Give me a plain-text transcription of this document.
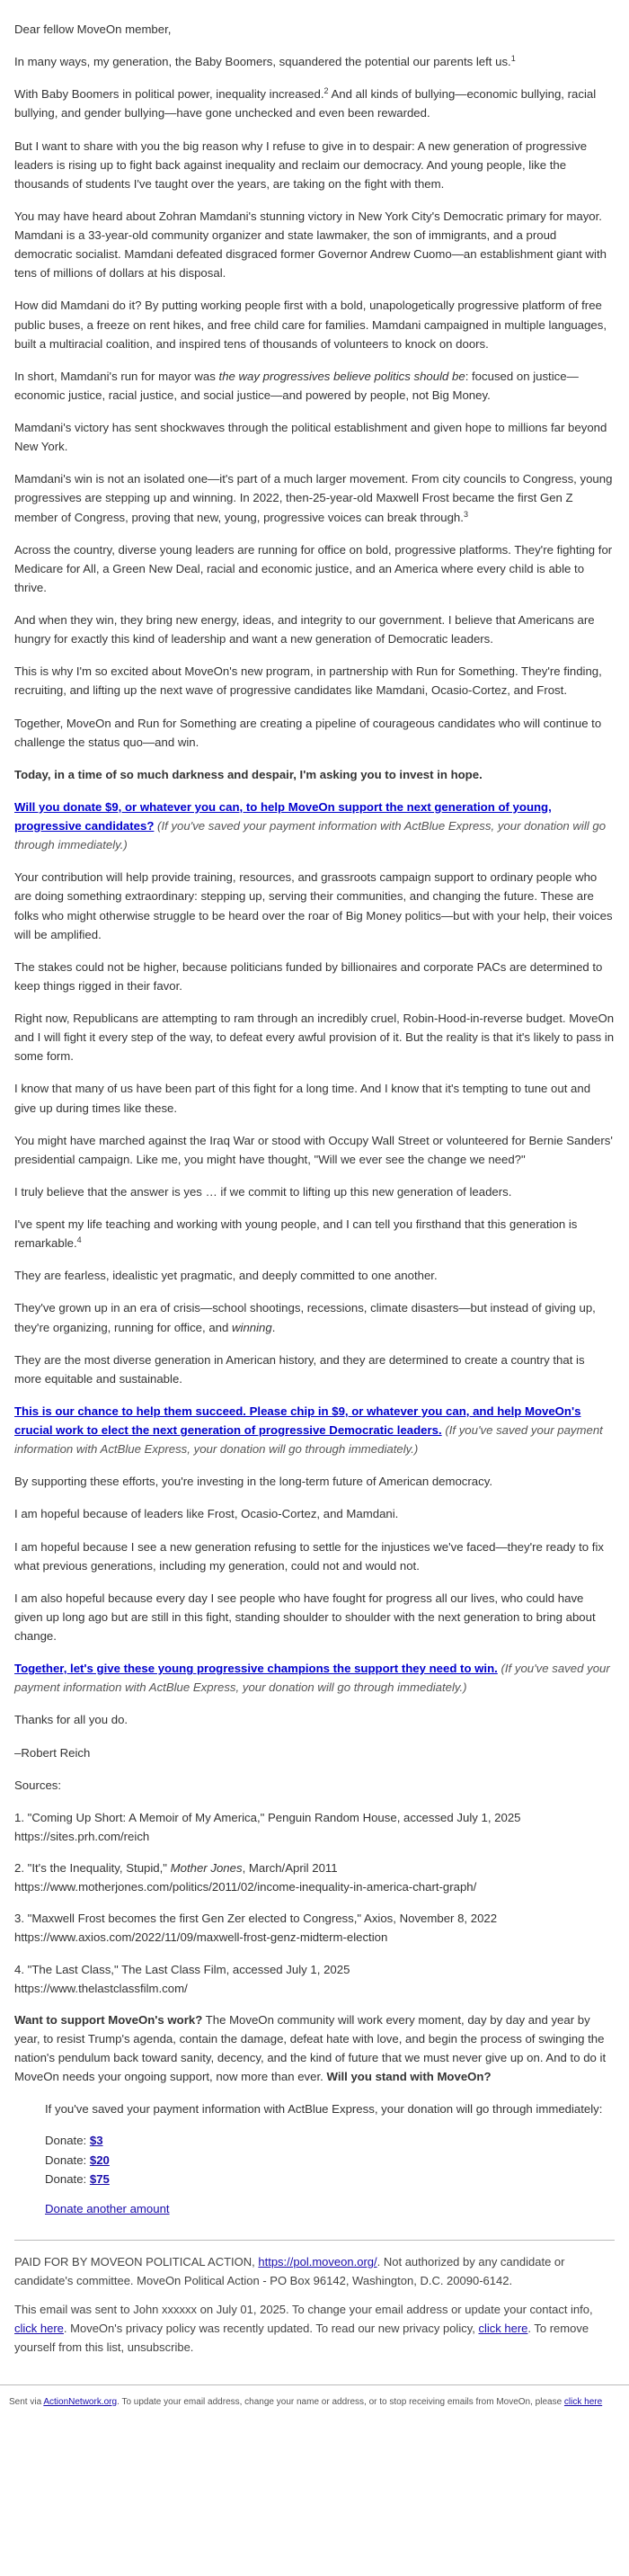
Dear fellow MoveOn member,

In many ways, my generation, the Baby Boomers, squandered the potential our parents left us.$^1$

With Baby Boomers in political power, inequality increased.$^2$ And all kinds of bullying—economic bullying, racial bullying, and gender bullying—have gone unchecked and even been rewarded.

But I want to share with you the big reason why I refuse to give in to despair: A new generation of progressive leaders is rising up to fight back against inequality and reclaim our democracy. And young people, like the thousands of students I've taught over the years, are taking on the fight with them.

You may have heard about Zohran Mamdani's stunning victory in New York City's Democratic primary for mayor. Mamdani is a 33-year-old community organizer and state lawmaker, the son of immigrants, and a proud democratic socialist. Mamdani defeated disgraced former Governor Andrew Cuomo—an establishment giant with tens of millions of dollars at his disposal.

How did Mamdani do it? By putting working people first with a bold, unapologetically progressive platform of free public buses, a freeze on rent hikes, and free child care for families. Mamdani campaigned in multiple languages, built a multiracial coalition, and inspired tens of thousands of volunteers to knock on doors.

In short, Mamdani's run for mayor was the way progressives believe politics should be: focused on justice—economic justice, racial justice, and social justice—and powered by people, not Big Money.

Mamdani's victory has sent shockwaves through the political establishment and given hope to millions far beyond New York.

Mamdani's win is not an isolated one—it's part of a much larger movement. From city councils to Congress, young progressives are stepping up and winning. In 2022, then-25-year-old Maxwell Frost became the first Gen Z member of Congress, proving that new, young, progressive voices can break through.$^3$

Across the country, diverse young leaders are running for office on bold, progressive platforms. They're fighting for Medicare for All, a Green New Deal, racial and economic justice, and an America where every child is able to thrive.

And when they win, they bring new energy, ideas, and integrity to our government. I believe that Americans are hungry for exactly this kind of leadership and want a new generation of Democratic leaders.

This is why I'm so excited about MoveOn's new program, in partnership with Run for Something. They're finding, recruiting, and lifting up the next wave of progressive candidates like Mamdani, Ocasio-Cortez, and Frost.

Together, MoveOn and Run for Something are creating a pipeline of courageous candidates who will continue to challenge the status quo—and win.

Today, in a time of so much darkness and despair, I'm asking you to invest in hope.

Will you donate $9, or whatever you can, to help MoveOn support the next generation of young, progressive candidates? (If you've saved your payment information with ActBlue Express, your donation will go through immediately.)

Your contribution will help provide training, resources, and grassroots campaign support to ordinary people who are doing something extraordinary: stepping up, serving their communities, and changing the future. These are folks who might otherwise struggle to be heard over the roar of Big Money politics—but with your help, their voices will be amplified.

The stakes could not be higher, because politicians funded by billionaires and corporate PACs are determined to keep things rigged in their favor.

Right now, Republicans are attempting to ram through an incredibly cruel, Robin-Hood-in-reverse budget. MoveOn and I will fight it every step of the way, to defeat every awful provision of it. But the reality is that it's likely to pass in some form.

I know that many of us have been part of this fight for a long time. And I know that it's tempting to tune out and give up during times like these.

You might have marched against the Iraq War or stood with Occupy Wall Street or volunteered for Bernie Sanders' presidential campaign. Like me, you might have thought, "Will we ever see the change we need?"

I truly believe that the answer is yes … if we commit to lifting up this new generation of leaders.

I've spent my life teaching and working with young people, and I can tell you firsthand that this generation is remarkable.$^4$

They are fearless, idealistic yet pragmatic, and deeply committed to one another.

They've grown up in an era of crisis—school shootings, recessions, climate disasters—but instead of giving up, they're organizing, running for office, and winning.

They are the most diverse generation in American history, and they are determined to create a country that is more equitable and sustainable.

This is our chance to help them succeed. Please chip in $9, or whatever you can, and help MoveOn's crucial work to elect the next generation of progressive Democratic leaders. (If you've saved your payment information with ActBlue Express, your donation will go through immediately.)

By supporting these efforts, you're investing in the long-term future of American democracy.

I am hopeful because of leaders like Frost, Ocasio-Cortez, and Mamdani.

I am hopeful because I see a new generation refusing to settle for the injustices we've faced—they're ready to fix what previous generations, including my generation, could not and would not.

I am also hopeful because every day I see people who have fought for progress all our lives, who could have given up long ago but are still in this fight, standing shoulder to shoulder with the next generation to bring about change.

Together, let's give these young progressive champions the support they need to win. (If you've saved your payment information with ActBlue Express, your donation will go through immediately.)

Thanks for all you do.

–Robert Reich

Sources:

1. "Coming Up Short: A Memoir of My America," Penguin Random House, accessed July 1, 2025
https://sites.prh.com/reich

2. "It's the Inequality, Stupid," Mother Jones, March/April 2011
https://www.motherjones.com/politics/2011/02/income-inequality-in-america-chart-graph/

3. "Maxwell Frost becomes the first Gen Zer elected to Congress," Axios, November 8, 2022
https://www.axios.com/2022/11/09/maxwell-frost-genz-midterm-election

4. "The Last Class," The Last Class Film, accessed July 1, 2025
https://www.thelastclassfilm.com/

Want to support MoveOn's work? The MoveOn community will work every moment, day by day and year by year, to resist Trump's agenda, contain the damage, defeat hate with love, and begin the process of swinging the nation's pendulum back toward sanity, decency, and the kind of future that we must never give up on. And to do it MoveOn needs your ongoing support, now more than ever. Will you stand with MoveOn?

If you've saved your payment information with ActBlue Express, your donation will go through immediately:

Donate: $3

Donate: $20

Donate: $75

Donate another amount

PAID FOR BY MOVEON POLITICAL ACTION, https://pol.moveon.org/. Not authorized by any candidate or candidate's committee. MoveOn Political Action - PO Box 96142, Washington, D.C. 20090-6142.

This email was sent to John xxxxxx on July 01, 2025. To change your email address or update your contact info, click here. MoveOn's privacy policy was recently updated. To read our new privacy policy, click here. To remove yourself from this list, unsubscribe.

Sent via ActionNetwork.org. To update your email address, change your name or address, or to stop receiving emails from MoveOn, please click here
